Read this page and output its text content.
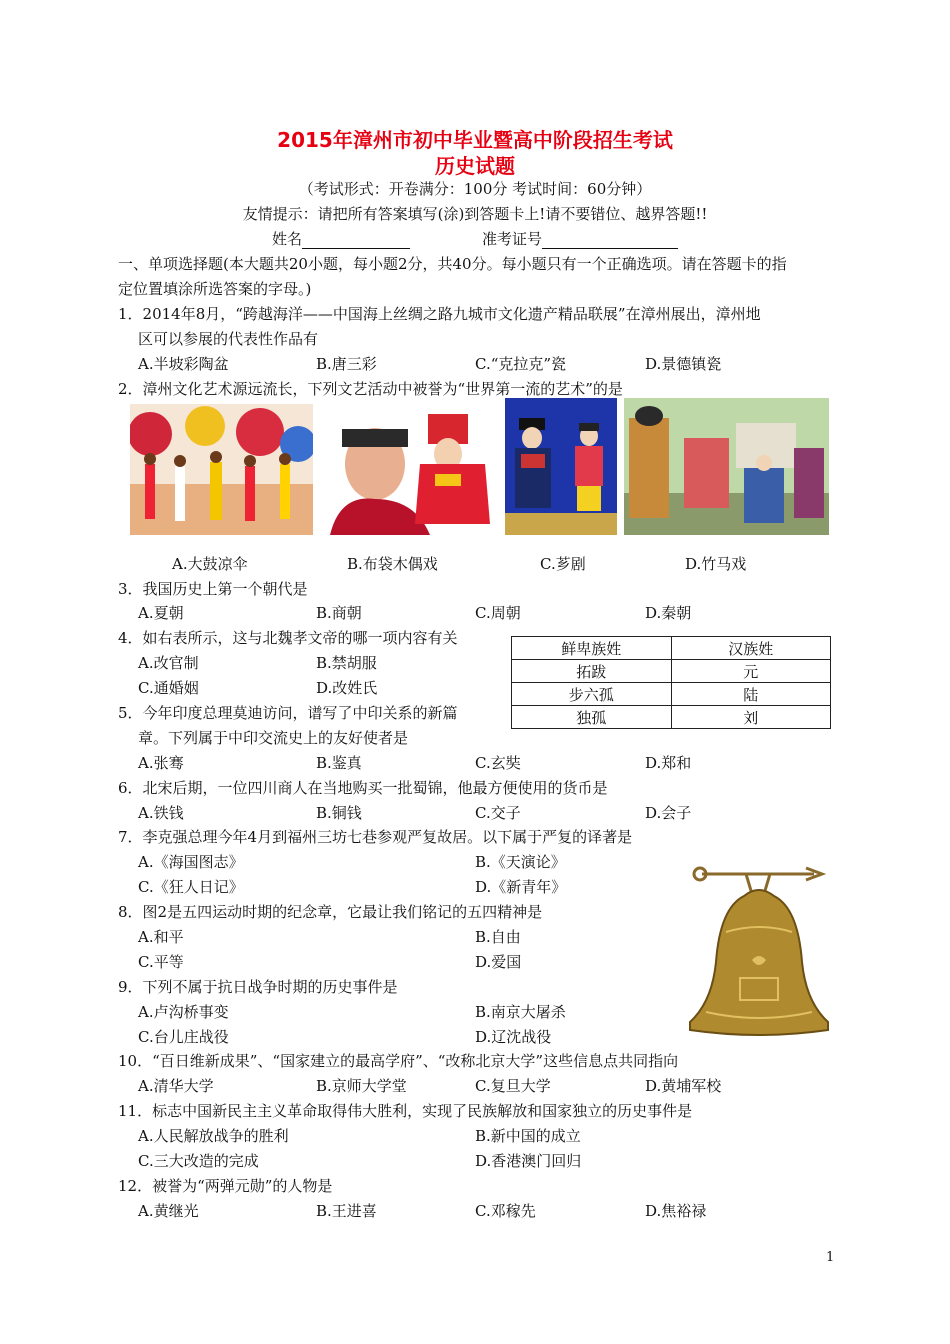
2015年漳州市初中毕业暨高中阶段招生考试
历史试题
（考试形式：开卷满分：100分 考试时间：60分钟）
友情提示：请把所有答案填写(涂)到答题卡上!请不要错位、越界答题!!
姓名	准考证号
一、单项选择题(本大题共20小题，每小题2分，共40分。每小题只有一个正确选项。请在答题卡的指
定位置填涂所选答案的字母。)
1．2014年8月，“跨越海洋——中国海上丝绸之路九城市文化遗产精品联展”在漳州展出，漳州地
区可以参展的代表性作品有
A.半坡彩陶盆	B.唐三彩	C.“克拉克”瓷	D.景德镇瓷
2．漳州文化艺术源远流长，下列文艺活动中被誉为“世界第一流的艺术”的是
A.大鼓凉伞	B.布袋木偶戏	C.芗剧	D.竹马戏
3．我国历史上第一个朝代是
A.夏朝	B.商朝	C.周朝	D.秦朝
4．如右表所示，这与北魏孝文帝的哪一项内容有关
A.改官制	B.禁胡服
C.通婚姻	D.改姓氏
鲜卑族姓	汉族姓
拓跋	元
步六孤	陆
独孤	刘
5．今年印度总理莫迪访问，谱写了中印关系的新篇
章。下列属于中印交流史上的友好使者是
A.张骞	B.鉴真	C.玄奘	D.郑和
6．北宋后期，一位四川商人在当地购买一批蜀锦，他最方便使用的货币是
A.铁钱	B.铜钱	C.交子	D.会子
7．李克强总理今年4月到福州三坊七巷参观严复故居。以下属于严复的译著是
A.《海国图志》	B.《天演论》
C.《狂人日记》	D.《新青年》
8．图2是五四运动时期的纪念章，它最让我们铭记的五四精神是
A.和平	B.自由
C.平等	D.爱国
9．下列不属于抗日战争时期的历史事件是
A.卢沟桥事变	B.南京大屠杀
C.台儿庄战役	D.辽沈战役
10．“百日维新成果”、“国家建立的最高学府”、“改称北京大学”这些信息点共同指向
A.清华大学	B.京师大学堂	C.复旦大学	D.黄埔军校
11．标志中国新民主主义革命取得伟大胜利，实现了民族解放和国家独立的历史事件是
A.人民解放战争的胜利	B.新中国的成立
C.三大改造的完成	D.香港澳门回归
12．被誉为“两弹元勋”的人物是
A.黄继光	B.王进喜	C.邓稼先	D.焦裕禄
1
